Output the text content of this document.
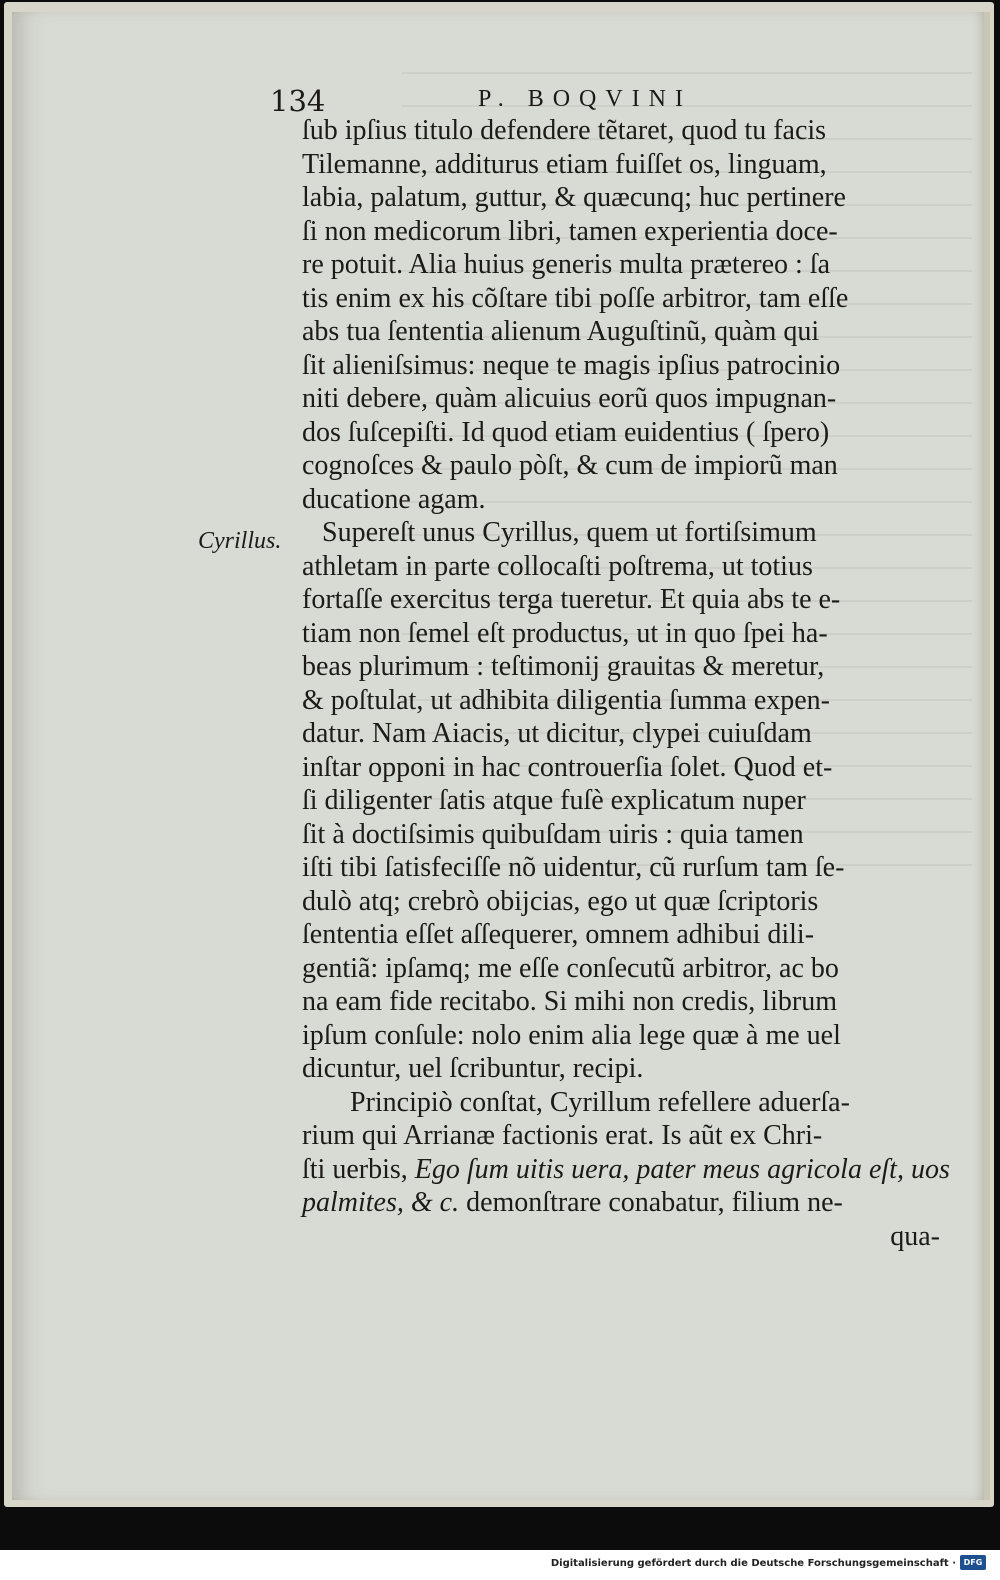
134	P. BOQVINI
Cyrillus.
ſub ipſius titulo defendere tẽtaret, quod tu facis
Tilemanne, additurus etiam fuiſſet os, linguam,
labia, palatum, guttur, & quæcunq; huc pertinere
ſi non medicorum libri, tamen experientia doce-
re potuit. Alia huius generis multa prætereo : ſa
tis enim ex his cõſtare tibi poſſe arbitror, tam eſſe
abs tua ſententia alienum Auguſtinũ, quàm qui
ſit alieniſsimus: neque te magis ipſius patrocinio
niti debere, quàm alicuius eorũ quos impugnan-
dos ſuſcepiſti. Id quod etiam euidentius ( ſpero)
cognoſces & paulo pòſt, & cum de impiorũ man
ducatione agam.
Supereſt unus Cyrillus, quem ut fortiſsimum
athletam in parte collocaſti poſtrema, ut totius
fortaſſe exercitus terga tueretur. Et quia abs te e-
tiam non ſemel eſt productus, ut in quo ſpei ha-
beas plurimum : teſtimonij grauitas & meretur,
& poſtulat, ut adhibita diligentia ſumma expen-
datur. Nam Aiacis, ut dicitur, clypei cuiuſdam
inſtar opponi in hac controuerſia ſolet. Quod et-
ſi diligenter ſatis atque fuſè explicatum nuper
ſit à doctiſsimis quibuſdam uiris : quia tamen
iſti tibi ſatisfeciſſe nõ uidentur, cũ rurſum tam ſe-
dulò atq; crebrò obijcias, ego ut quæ ſcriptoris
ſententia eſſet aſſequerer, omnem adhibui dili-
gentiã: ipſamq; me eſſe conſecutũ arbitror, ac bo
na eam fide recitabo. Si mihi non credis, librum
ipſum conſule: nolo enim alia lege quæ à me uel
dicuntur, uel ſcribuntur, recipi.
Principiò conſtat, Cyrillum refellere aduerſa-
rium qui Arrianæ factionis erat. Is aũt ex Chri-
ſti uerbis, Ego ſum uitis uera, pater meus agricola eſt, uos
palmites, & c. demonſtrare conabatur, filium ne-
qua-
Digitalisierung gefördert durch die Deutsche Forschungsgemeinschaft · DFG
